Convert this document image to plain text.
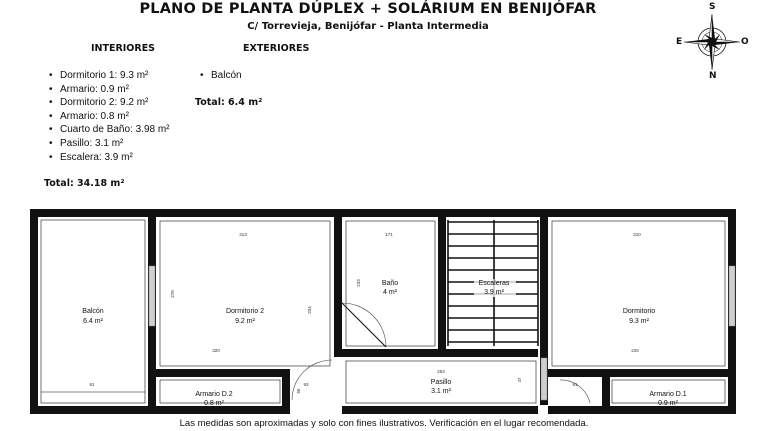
PLANO DE PLANTA DÚPLEX + SOLÁRIUM EN BENIJÓFAR
C/ Torrevieja, Benijófar - Planta Intermedia
INTERIORES	EXTERIORES
• Dormitorio 1: 9.3 m²
• Armario: 0.9 m²
• Dormitorio 2: 9.2 m²
• Armario: 0.8 m²
• Cuarto de Baño: 3.98 m²
• Pasillo: 3.1 m²
• Escalera: 3.9 m²
• Balcón
Total: 6.4 m²
Total: 34.18 m²
S
N
E	O
Balcón
6.4 m²
Dormitorio 2
9.2 m²
Baño
4 m²
Escaleras
3.9 m²
Dormitorio
9.3 m²
Armario D.2
0.8 m²
Pasillo
3.1 m²	Armario D.1
0.9 m²
313
278
320
334
171
233
310
225
253
93
56
47
91	91
Las medidas son aproximadas y solo con fines ilustrativos. Verificación en el lugar recomendada.
